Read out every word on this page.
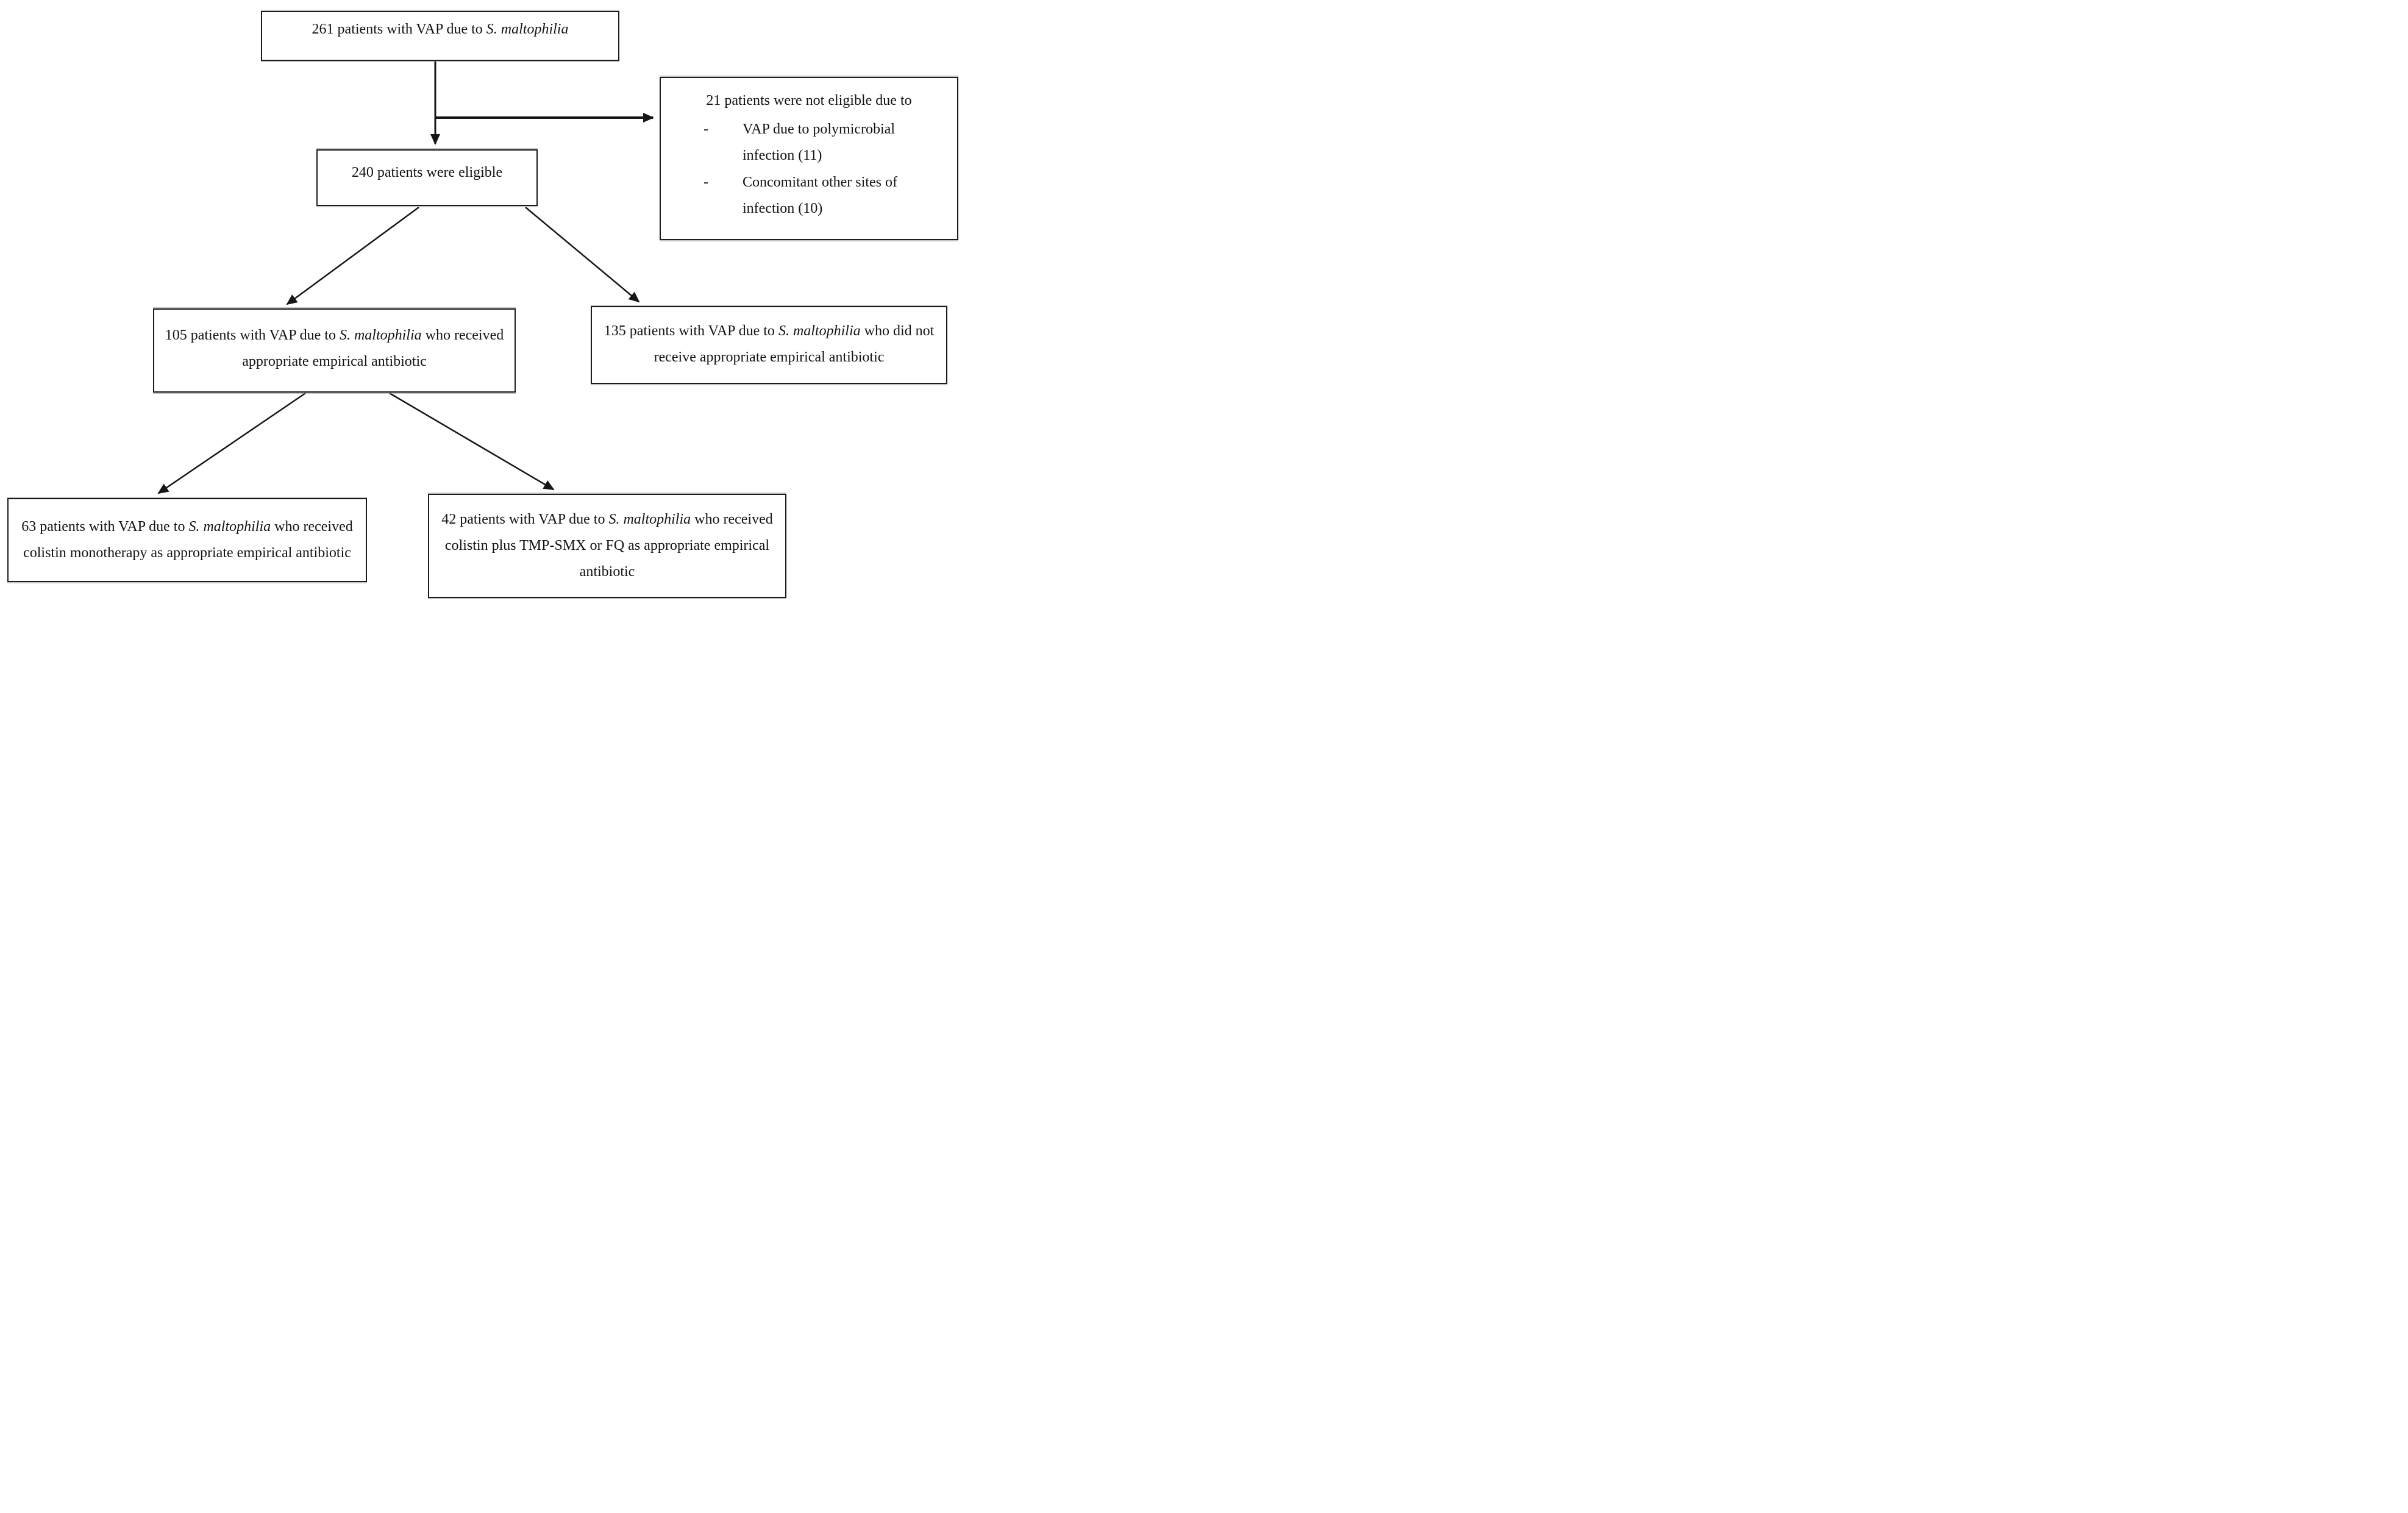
261 patients with VAP due to S. maltophilia

21 patients were not eligible due to

-	VAP due to polymicrobial infection (11)
-	Concomitant other sites of infection (10)

240 patients were eligible

105 patients with VAP due to S. maltophilia who received appropriate empirical antibiotic

135 patients with VAP due to S. maltophilia who did not receive appropriate empirical antibiotic

63 patients with VAP due to S. maltophilia who received colistin monotherapy as appropriate empirical antibiotic

42 patients with VAP due to S. maltophilia who received colistin plus TMP-SMX or FQ as appropriate empirical antibiotic
